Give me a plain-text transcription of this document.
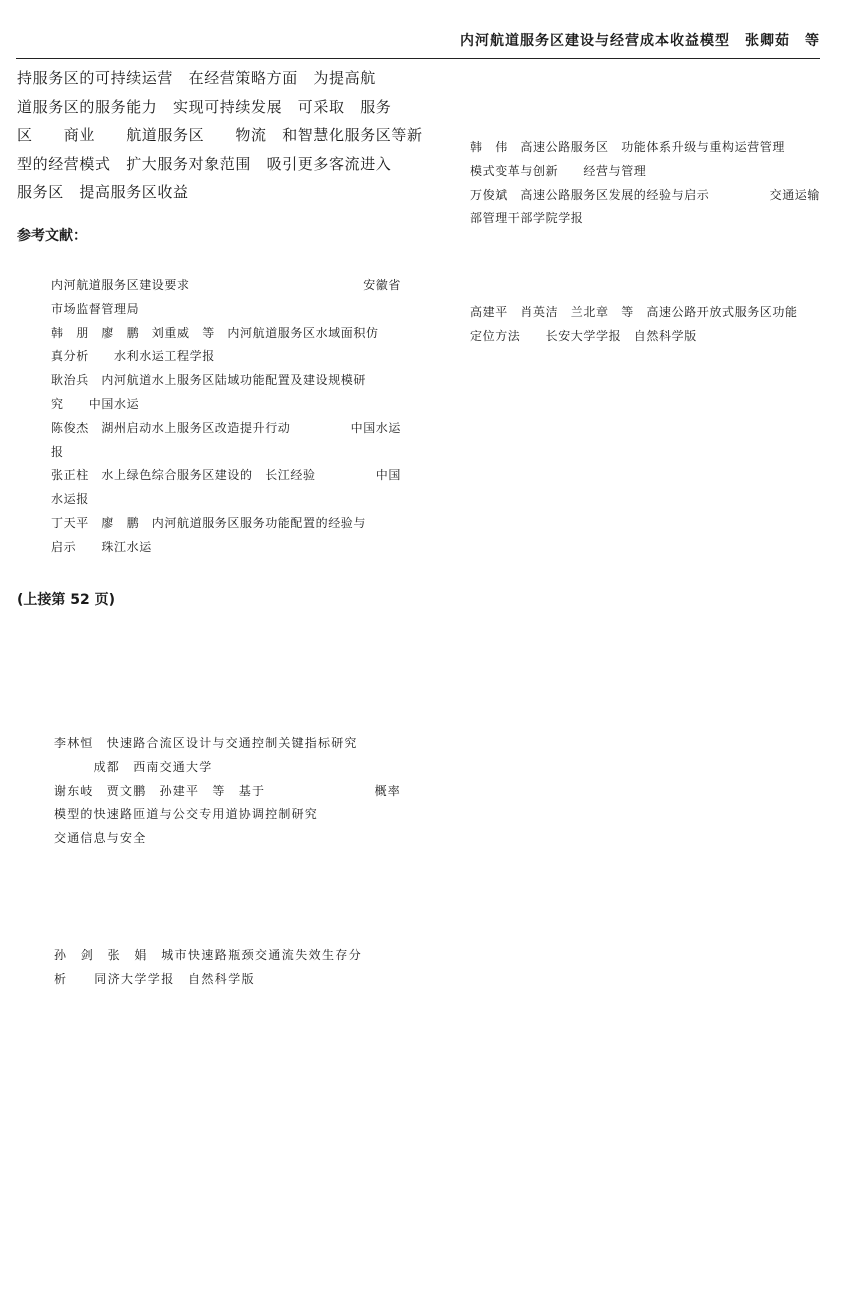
内河航道服务区建设与经营成本收益模型　张卿茹　等
持服务区的可持续运营　在经营策略方面　为提高航
道服务区的服务能力　实现可持续发展　可采取　服务
区　　商业　　航道服务区　　物流　和智慧化服务区等新
型的经营模式　扩大服务对象范围　吸引更多客流进入
服务区　提高服务区收益
参考文献：
内河航道服务区建设要求	安徽省
市场监督管理局
韩　朋　廖　鹏　刘重威　等　内河航道服务区水域面积仿
真分析　　水利水运工程学报
耿治兵　内河航道水上服务区陆域功能配置及建设规模研
究　　中国水运
陈俊杰　湖州启动水上服务区改造提升行动	中国水运
报
张正柱　水上绿色综合服务区建设的　长江经验	中国
水运报
丁天平　廖　鹏　内河航道服务区服务功能配置的经验与
启示　　珠江水运
韩　伟　高速公路服务区　功能体系升级与重构运营管理
模式变革与创新　　经营与管理
万俊斌　高速公路服务区发展的经验与启示	交通运输
部管理干部学院学报
高建平　肖英洁　兰北章　等　高速公路开放式服务区功能
定位方法　　长安大学学报　自然科学版
(上接第 52 页)
李林恒　快速路合流区设计与交通控制关键指标研究
　　　成都　西南交通大学
谢东岐　贾文鹏　孙建平　等　基于	概率
模型的快速路匝道与公交专用道协调控制研究
交通信息与安全
孙　剑　张　娟　城市快速路瓶颈交通流失效生存分
析　　同济大学学报　自然科学版
